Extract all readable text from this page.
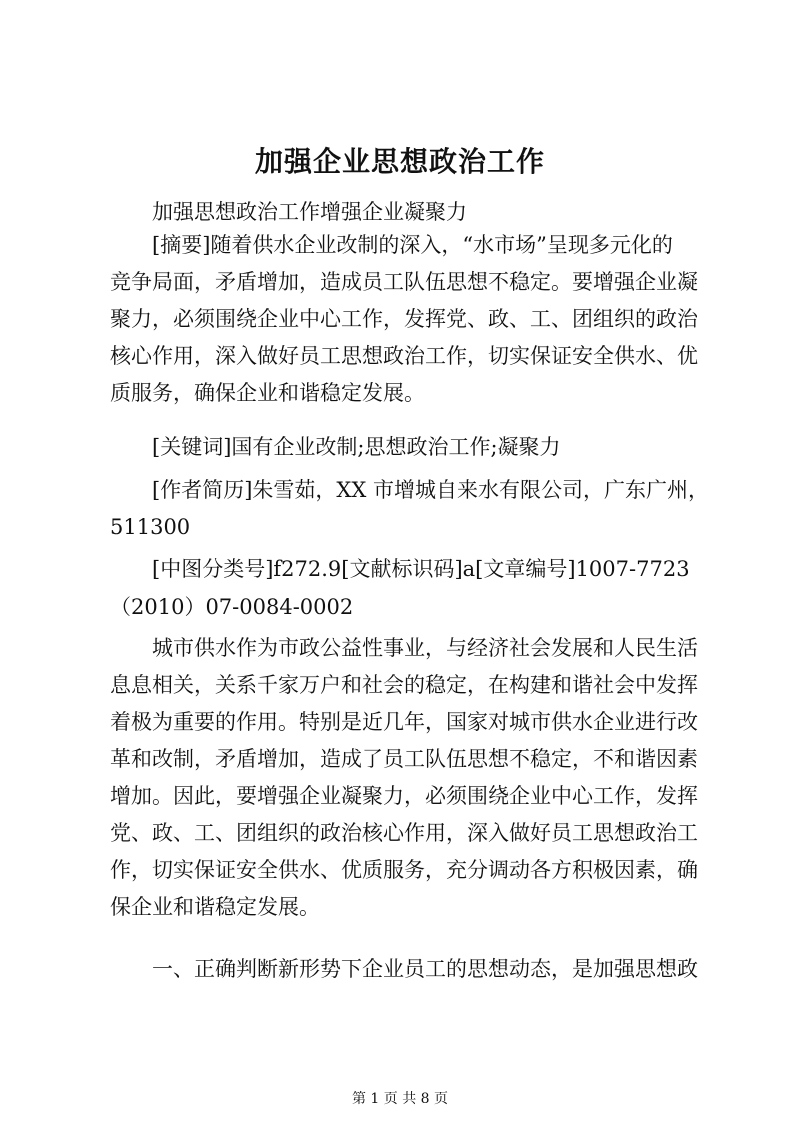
加强企业思想政治工作

加强思想政治工作增强企业凝聚力

[摘要]随着供水企业改制的深入，“水市场”呈现多元化的

竞争局面，矛盾增加，造成员工队伍思想不稳定。要增强企业凝

聚力，必须围绕企业中心工作，发挥党、政、工、团组织的政治

核心作用，深入做好员工思想政治工作，切实保证安全供水、优

质服务，确保企业和谐稳定发展。

[关键词]国有企业改制;思想政治工作;凝聚力

[作者简历]朱雪茹，XX 市增城自来水有限公司，广东广州，

511300

[中图分类号]f272.9[文献标识码]a[文章编号]1007-7723

（2010）07-0084-0002

城市供水作为市政公益性事业，与经济社会发展和人民生活

息息相关，关系千家万户和社会的稳定，在构建和谐社会中发挥

着极为重要的作用。特别是近几年，国家对城市供水企业进行改

革和改制，矛盾增加，造成了员工队伍思想不稳定，不和谐因素

增加。因此，要增强企业凝聚力，必须围绕企业中心工作，发挥

党、政、工、团组织的政治核心作用，深入做好员工思想政治工

作，切实保证安全供水、优质服务，充分调动各方积极因素，确

保企业和谐稳定发展。

一、正确判断新形势下企业员工的思想动态，是加强思想政

第 1 页 共 8 页
